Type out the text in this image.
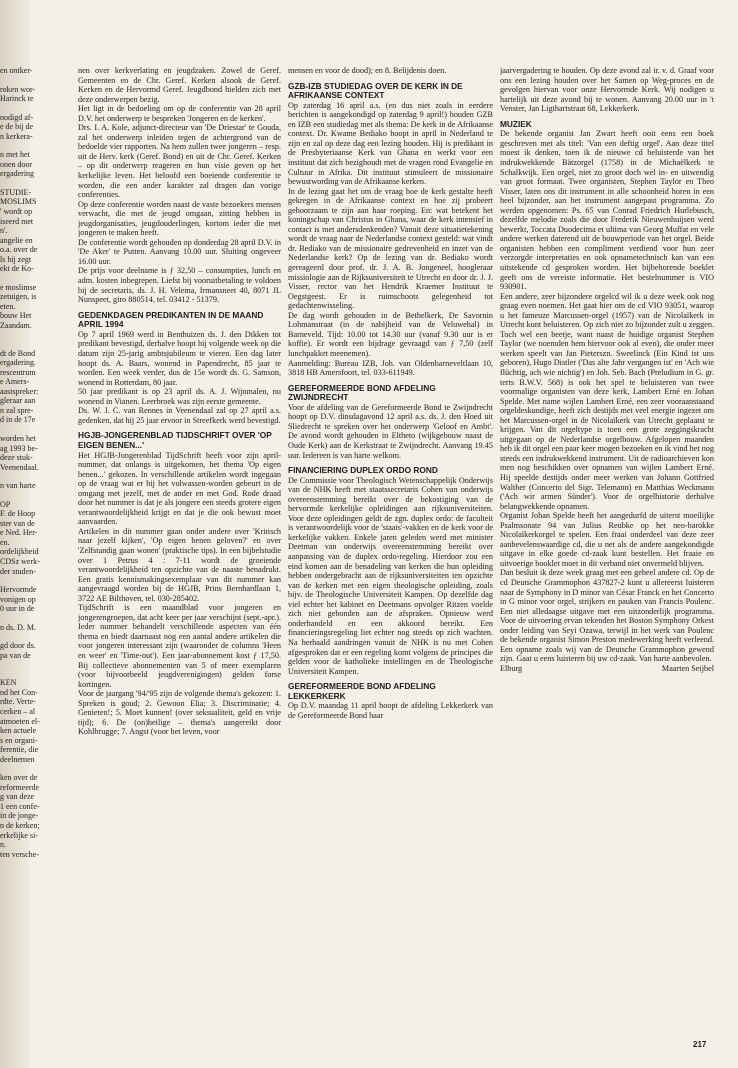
en ontker-
roken wor-
Harinck te
nodigd af-
e de bij de
n kerkera-
n met het
onen door
ergadering
STUDIE-
MOSLIMS
' wordt op
iseerd met
n'.
angelie en
o.a. over de
ls hij zegt
ekt de Ko-
e moslimse
zetuigen, is
eten.
bouw Het
Zaandam.
dt de Bond
ergadering.
rescentrum
e Amers-
aastspreker:
gleraar aan
n zal spre-
d in de 17e
worden het
ag 1993 be-
deze stuk-
Veenendaal.
n van harte
OP
F. de Hoop
ster van de
e Ned. Her-
en.
ordelijkheid
CDSz werk-
der studen-
Hervormde
vonigen op
0 uur in de
n ds. D. M.
gd door ds.
pa van de
KEN
nd het Con-
rdte. Verte-
cerken – al
atmoeten el-
ken actuele
s en organi-
ferentie, die
deelnemen
ken over de
reformeerde
g van deze
1 een confe-
in de jonge-
n de kerken;
erkelijke si-
n.
ten versche-

nen over kerkverlating en jeugdzaken. Zowel de Geref. Gemeenten en de Chr. Geref. Kerken alsook de Geref. Kerken en de Hervormd Geref. Jeugdbond hielden zich met deze onderwerpen bezig.

Het ligt in de bedoeling om op de conferentie van 28 april D.V. het onderwerp te bespreken 'Jongeren en de kerken'.

Drs. I. A. Kole, adjunct-directeur van 'De Driestar' te Gouda, zal het onderwerp inleiden tegen de achtergrond van de bedoelde vier rapporten. Na hem zullen twee jongeren – resp. uit de Herv. kerk (Geref. Bond) en uit de Chr. Geref. Kerken – op dit onderwerp reageren en hun visie geven op het kerkelijke leven. Het beloofd een boeiende conferentie te worden, die een ander karakter zal dragen dan vorige conferenties.

Op deze conferentie worden naast de vaste bezoekers mensen verwacht, die met de jeugd omgaan, zitting hebben in jeugdorganisaties, jeugdouderlingen, kortom ieder die met jongeren te maken heeft.

De conferentie wordt gehouden op donderdag 28 april D.V. in 'De Aker' te Putten. Aanvang 10.00 uur. Sluiting ongeveer 16.00 uur.

De prijs voor deelname is ƒ 32,50 – consumpties, lunch en adm. kosten inbegrepen. Liefst bij vooruitbetaling te voldoen bij de secretaris, ds. J. H. Velema, Irmansneet 40, 8071 JL Nunspeet, giro 880514, tel. 03412 - 51379.

GEDENKDAGEN PREDIKANTEN IN DE MAAND APRIL 1994

Op 7 april 1969 werd in Benthuizen ds. J. den Dikken tot predikant bevestigd, derhalve hoopt hij volgende week op die datum zijn 25-jarig ambtsjubileum te vieren. Een dag later hoopt ds. A. Baars, wonend in Papendrecht, 85 jaar te worden. Een week verder, dus de 15e wordt ds. G. Samson, wonend in Rotterdam, 80 jaar.

50 jaar predikant is op 23 april ds. A. J. Wijnmalen, nu wonend in Vianen. Leerbroek was zijn eerste gemeente.

Ds. W. J. C. van Rennes in Veenendaal zal op 27 april a.s. gedenken, dat hij 25 jaar ervoor in Streefkerk werd bevestigd.

HGJB-JONGERENBLAD TIJDSCHRIFT OVER 'OP EIGEN BENEN...'

Het HGJB-Jongerenblad TijdSchrift heeft voor zijn april-nummer, dat onlangs is uitgekomen, het thema 'Op eigen benen...' gekozen. In verschillende artikelen wordt ingegaan op de vraag wat er bij het volwassen-worden gebeurt in de omgang met jezelf, met de ander en met God. Rode draad door het nummer is dat je als jongere een steeds grotere eigen verantwoordelijkheid krijgt en dat je die ook bewust moet aanvaarden.

Artikelen in dit nummer gaan onder andere over 'Kritisch naar jezelf kijken', 'Op eigen benen geloven?' en over 'Zelfstandig gaan wonen' (praktische tips). In een bijbelstudie over 1 Petrus 4 : 7-11 wordt de groeiende verantwoordelijkheid ten opzichte van de naaste benadrukt. Een gratis kennismakingsexemplaar van dit nummer kan aangevraagd worden bij de HGJB, Prins Bernhardlaan 1, 3722 AE Bilthoven, tel. 030-285402.

TijdSchrift is een maandblad voor jongeren en jongerengroepen, dat acht keer per jaar verschijnt (sept.-apr.). Ieder nummer behandelt verschillende aspecten van één thema en biedt daarnaast nog een aantal andere artikelen die voor jongeren interessant zijn (waaronder de columns 'Heen en weer' en 'Time-out'). Een jaar-abonnement kost ƒ 17,50. Bij collectieve abonnementen van 5 of meer exemplaren (voor bijvoorbeeld jeugdverenigingen) gelden forse kortingen.

Voor de jaargang '94/'95 zijn de volgende thema's gekozen: 1. Spreken is goud; 2. Gewoon Elia; 3. Discriminatie; 4. Genieten!; 5. Moet kunnen! (over seksualiteit, geld en vrije tijd); 6. De (on)heilige – thema's aangereikt door Kohlbrugge; 7. Angst (voor het leven, voor

mensen en voor de dood); en 8. Belijdenis doen.

GZB-IZB STUDIEDAG OVER DE KERK IN DE AFRIKAANSE CONTEXT

Op zaterdag 16 april a.s. (en dus niet zoals in eerdere berichten is aangekondigd op zaterdag 9 april!) houden GZB en IZB een studiedag met als thema: De kerk in de Afrikaanse context. Dr. Kwame Bediako hoopt in april in Nederland te zijn en zal op deze dag een lezing houden. Hij is predikant in de Presbyteriaanse Kerk van Ghana en werkt voor een instituut dat zich bezighoudt met de vragen rond Evangelie en Cultuur in Afrika. Dit instituut stimuleert de missionaire bewustwording van de Afrikaanse kerken.

In de lezing gaat het om de vraag hoe de kerk gestalte heeft gekregen in de Afrikaanse context en hoe zij probeert gehoorzaam te zijn aan haar roeping. En: wat betekent het koningschap van Christus in Ghana, waar de kerk intensief in contact is met andersdenkenden? Vanuit deze situatietekening wordt de vraag naar de Nederlandse context gesteld: wat vindt dr. Bediako van de missionaire gedrevenheid en inzet van de Nederlandse kerk? Op de lezing van dr. Bediako wordt gereageerd door prof. dr. J. A. B. Jongeneel, hoogleraar missiologie aan de Rijksuniversiteit te Utrecht en door dr. J. J. Visser, rector van het Hendrik Kraemer Instituut te Oegstgeest. Er is ruimschoots gelegenheid tot gedachtenwisseling.

De dag wordt gehouden in de Bethelkerk, De Savornin Lohmanstraat (in de nabijheid van de Veluwehal) in Barneveld. Tijd: 10.00 tot 14.30 uur (vanaf 9.30 uur is er koffie). Er wordt een bijdrage gevraagd van ƒ 7,50 (zelf lunchpakket meenemen).

Aanmelding: Bureau IZB, Joh. van Oldenbarneveltlaan 10, 3818 HB Amersfoort, tel. 033-611949.

GEREFORMEERDE BOND AFDELING ZWIJNDRECHT

Voor de afdeling van de Gereformeerde Bond te Zwijndrecht hoopt op D.V. dinsdagavond 12 april a.s. ds. J. den Hoed uit Sliedrecht te spreken over het onderwerp 'Geloof en Ambt'. De avond wordt gehouden in Eltheto (wijkgebouw naast de Oude Kerk) aan de Kerkstraat te Zwijndrecht. Aanvang 19.45 uur. Iedereen is van harte welkom.

FINANCIERING DUPLEX ORDO ROND

De Commissie voor Theologisch Wetenschappelijk Onderwijs van de NHK heeft met staatssecretaris Cohen van onderwijs overeenstemming bereikt over de bekostiging van de hervormde kerkelijke opleidingen aan rijksuniversiteiten. Voor deze opleidingen geldt de zgn. duplex ordo: de faculteit is verantwoordelijk voor de 'staats'-vakken en de kerk voor de kerkelijke vakken. Enkele jaren geleden werd met minister Deetman van onderwijs overeenstemming bereikt over aanpassing van de duplex ordo-regeling. Hierdoor zou een eind komen aan de benadeling van kerken die hun opleiding hebben ondergebracht aan de rijksuniversiteiten ten opzichte van de kerken met een eigen theologische opleiding, zoals bijv. de Theologische Universiteit Kampen. Op dezelfde dag viel echter het kabinet en Deetmans opvolger Ritzen voelde zich niet gebonden aan de afspraken. Opnieuw werd onderhandeld en een akkoord bereikt. Een financieringsregeling liet echter nog steeds op zich wachten. Na herhaald aandringen vanuit de NHK is nu met Cohen afgesproken dat er een regeling komt volgens de principes die gelden voor de katholieke instellingen en de Theologische Universiteit Kampen.

GEREFORMEERDE BOND AFDELING LEKKERKERK

Op D.V. maandag 11 april hoopt de afdeling Lekkerkerk van de Gereformeerde Bond haar

jaarvergadering te houden. Op deze avond zal ir. v. d. Graaf voor ons een lezing houden over het Samen op Weg-proces en de gevolgen hiervan voor onze Hervormde Kerk. Wij nodigen u hartelijk uit deze avond bij te wonen. Aanvang 20.00 uur in 't Venster, Jan Ligthartstraat 68, Lekkerkerk.

MUZIEK

De bekende organist Jan Zwart heeft ooit eens een boek geschreven met als titel: 'Van een deftig orgel'. Aan deze titel moest ik denken, toen ik de nieuwe cd beluisterde van het indrukwekkende Bätzorgel (1758) in de Michaëlkerk te Schalkwijk. Een orgel, niet zo groot doch wel in- en uitwendig van groot formaat. Twee organisten, Stephen Taylor en Theo Visser, laten ons dit instrument in alle schoonheid horen in een heel bijzonder, aan het instrument aangepast programma. Zo werden opgenomen: Ps. 65 van Conrad Friedrich Hurlebusch, dezelfde melodie zoals die door Frederik Nieuwenhuijsen werd bewerkt, Toccata Duodecima et ultima van Georg Muffat en vele andere werken daterend uit de bouwperiode van het orgel. Beide organisten hebben een compliment verdiend voor hun zeer verzorgde interpretaties en ook opnametechnisch kan van een uitstekende cd gesproken worden. Het bijbehorende boeklet geeft ons de vereiste informatie. Het bestelnummer is VIO 930901.

Een andere, zeer bijzondere orgelcd wil ik u deze week ook nog graag even noemen. Het gaat hier om de cd VIO 93051, waarop u het fameuze Marcussen-orgel (1957) van de Nicolaïkerk in Utrecht kunt beluisteren. Op zich niet zo bijzonder zult u zeggen. Toch wel een beetje, want naast de huidige organist Stephen Taylor (we noemden hem hiervoor ook al even), die onder meer werken speelt van Jan Pieterszn. Sweelinck (Ein Kind ist uns geboren), Hugo Distler ('Das alte Jahr vergangen ist' en 'Ach wie flüchtig, ach wie nichtig') en Joh. Seb. Bach (Preludium in G. gr. terts B.W.V. 568) is ook het spel te beluisteren van twee voormalige organisten van deze kerk, Lambert Erné en Johan Spelde. Met name wijlen Lambert Erné, een zeer vooraanstaand orgeldeskundige, heeft zich destijds met veel energie ingezet om het Marcussen-orgel in de Nicolaïkerk van Utrecht geplaatst te krijgen. Van dit orgeltype is toen een grote zeggingskracht uitgegaan op de Nederlandse orgelbouw. Afgelopen maanden heb ik dit orgel een paar keer mogen bezoeken en ik vind het nog steeds een indrukwekkend instrument. Uit de radioarchieven kon men nog beschikken over opnamen van wijlen Lambert Erné. Hij speelde destijds onder meer werken van Johann Gottfried Walther (Concerto del Sigr. Telemann) en Matthias Weckmann ('Ach wir armen Sünder'). Voor de orgelhistorie derhalve belangwekkende opnamen.

Organist Johan Spelde heeft het aangedurfd de uiterst moeilijke Psalmsonate 94 van Julius Reubke op het neo-barokke Nicolaïkerkorgel te spelen. Een fraai onderdeel van deze zeer aanbevelenswaardige cd, die u net als de andere aangekondigde uitgave in elke goede cd-zaak kunt bestellen. Het fraaie en uitvoerige booklet moet in dit verband niet onvermeld blijven.

Dan besluit ik deze week graag met een geheel andere cd. Op de cd Deutsche Grammophon 437827-2 kunt u allereerst luisteren naar de Symphony in D minor van César Franck en het Concerto in G minor voor orgel, strijkers en pauken van Francis Poulenc. Een niet alledaagse uitgave met een uitzonderlijk programma. Voor de uitvoering ervan tekenden het Boston Symphony Orkest onder leiding van Seyi Ozawa, terwijl in het werk van Poulenc de bekende organist Simon Preston medewerking heeft verleend. Een opname zoals wij van de Deutsche Grammophon gewend zijn. Gaat u eens luisteren bij uw cd-zaak. Van harte aanbevolen.

Elburg	Maarten Seijbel
217
